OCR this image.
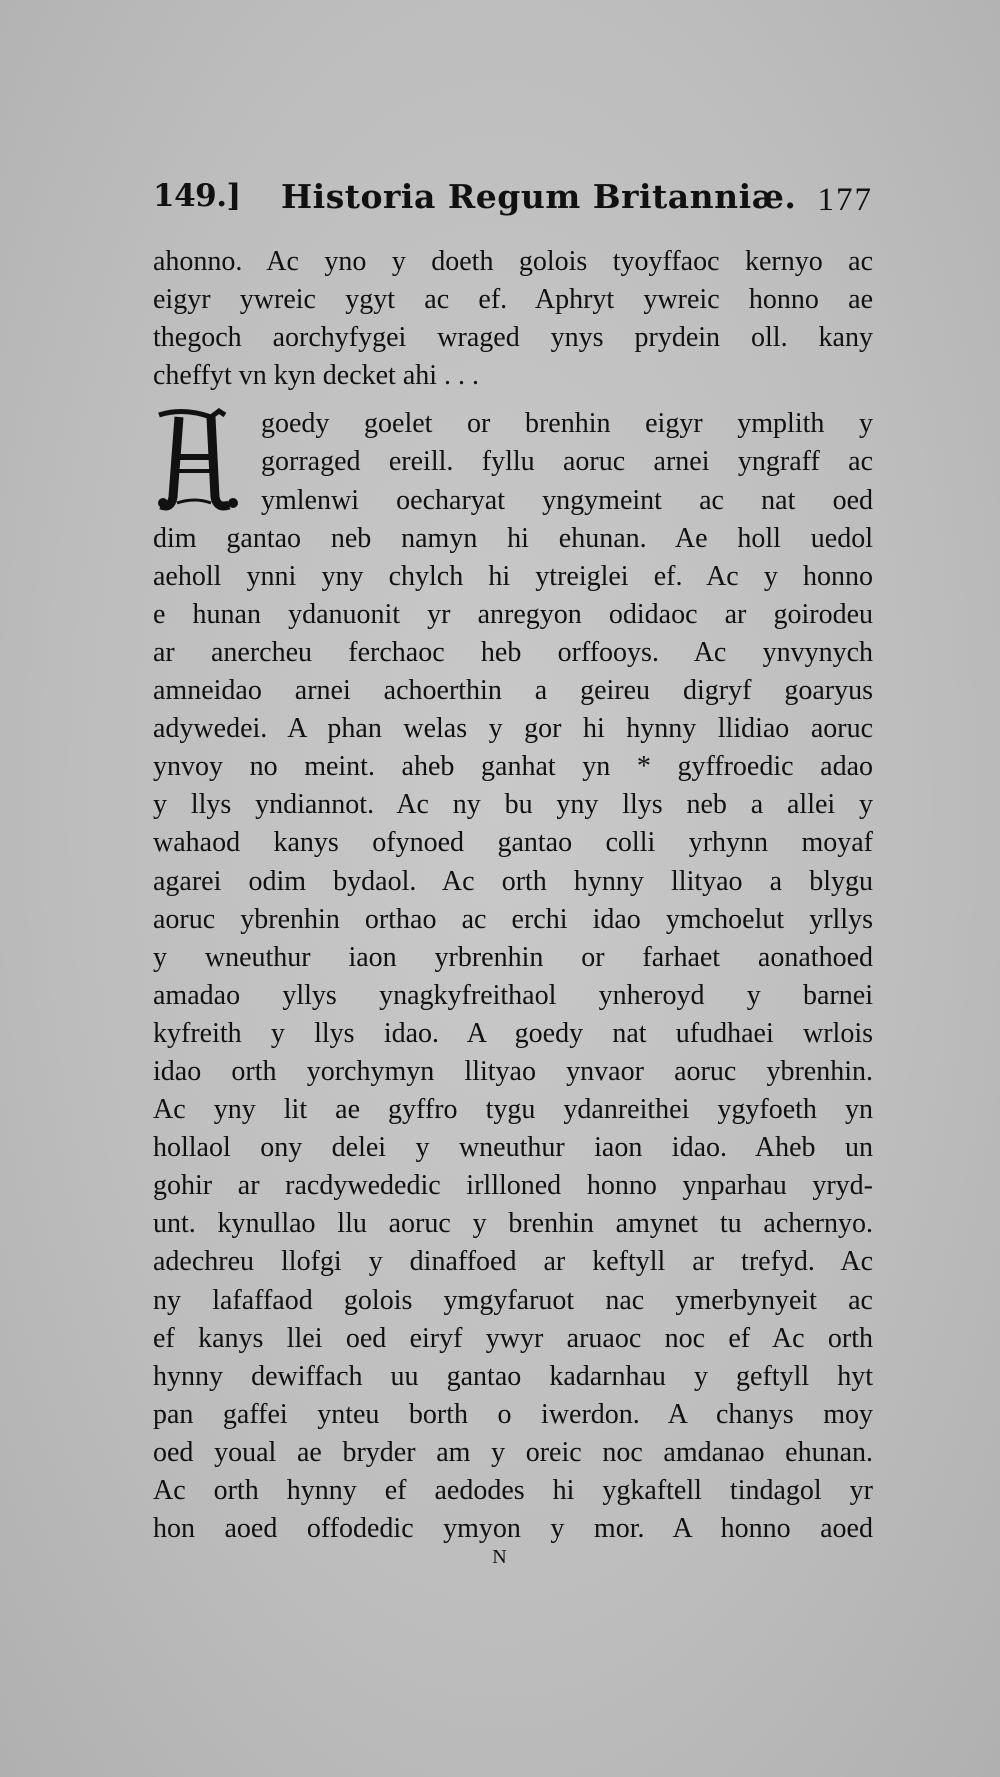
149.] Historia Regum Britanniæ. 177
ahonno. Ac yno y doeth golois tyoyffaoc kernyo ac
eigyr ywreic ygyt ac ef. Aphryt ywreic honno ae
thegoch aorchyfygei wraged ynys prydein oll. kany
cheffyt vn kyn decket ahi . . .
goedy goelet or brenhin eigyr ymplith y
gorraged ereill. fyllu aoruc arnei yngraff ac
ymlenwi oecharyat yngymeint ac nat oed
dim gantao neb namyn hi ehunan. Ae holl uedol
aeholl ynni yny chylch hi ytreiglei ef. Ac y honno
e hunan ydanuonit yr anregyon odidaoc ar goirodeu
ar anercheu ferchaoc heb orffooys. Ac ynvynych
amneidao arnei achoerthin a geireu digryf goaryus
adywedei. A phan welas y gor hi hynny llidiao aoruc
ynvoy no meint. aheb ganhat yn * gyffroedic adao
y llys yndiannot. Ac ny bu yny llys neb a allei y
wahaod kanys ofynoed gantao colli yrhynn moyaf
agarei odim bydaol. Ac orth hynny llityao a blygu
aoruc ybrenhin orthao ac erchi idao ymchoelut yrllys
y wneuthur iaon yrbrenhin or farhaet aonathoed
amadao yllys ynagkyfreithaol ynheroyd y barnei
kyfreith y llys idao. A goedy nat ufudhaei wrlois
idao orth yorchymyn llityao ynvaor aoruc ybrenhin.
Ac yny lit ae gyffro tygu ydanreithei ygyfoeth yn
hollaol ony delei y wneuthur iaon idao. Aheb un
gohir ar racdywededic irllloned honno ynparhau yryd-
unt. kynullao llu aoruc y brenhin amynet tu achernyo.
adechreu llofgi y dinaffoed ar keftyll ar trefyd. Ac
ny lafaffaod golois ymgyfaruot nac ymerbynyeit ac
ef kanys llei oed eiryf ywyr aruaoc noc ef Ac orth
hynny dewiffach uu gantao kadarnhau y geftyll hyt
pan gaffei ynteu borth o iwerdon. A chanys moy
oed youal ae bryder am y oreic noc amdanao ehunan.
Ac orth hynny ef aedodes hi ygkaftell tindagol yr
hon aoed offodedic ymyon y mor. A honno aoed
N
